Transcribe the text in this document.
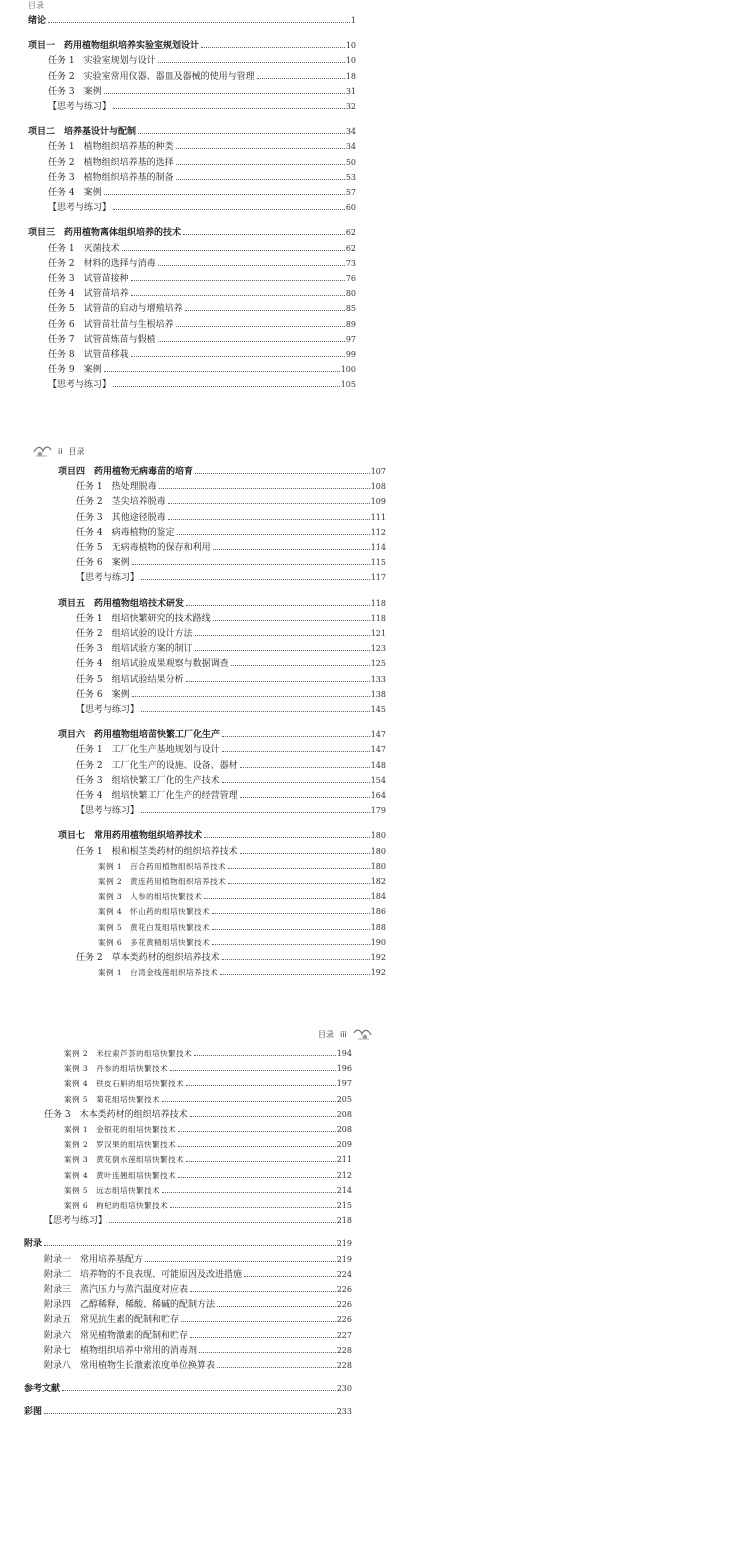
目录
绪论	1
项目一　药用植物组织培养实验室规划设计	10
任务 1　实验室规划与设计	10
任务 2　实验室常用仪器、器皿及器械的使用与管理	18
任务 3　案例	31
【思考与练习】	32
项目二　培养基设计与配制	34
任务 1　植物组织培养基的种类	34
任务 2　植物组织培养基的选择	50
任务 3　植物组织培养基的制备	53
任务 4　案例	57
【思考与练习】	60
项目三　药用植物离体组织培养的技术	62
任务 1　灭菌技术	62
任务 2　材料的选择与消毒	73
任务 3　试管苗接种	76
任务 4　试管苗培养	80
任务 5　试管苗的启动与增殖培养	85
任务 6　试管苗壮苗与生根培养	89
任务 7　试管苗炼苗与假植	97
任务 8　试管苗移栽	99
任务 9　案例	100
【思考与练习】	105
ii 目录
项目四　药用植物无病毒苗的培育	107
任务 1　热处理脱毒	108
任务 2　茎尖培养脱毒	109
任务 3　其他途径脱毒	111
任务 4　病毒植物的鉴定	112
任务 5　无病毒植物的保存和利用	114
任务 6　案例	115
【思考与练习】	117
项目五　药用植物组培技术研发	118
任务 1　组培快繁研究的技术路线	118
任务 2　组培试验的设计方法	121
任务 3　组培试验方案的制订	123
任务 4　组培试验成果观察与数据调查	125
任务 5　组培试验结果分析	133
任务 6　案例	138
【思考与练习】	145
项目六　药用植物组培苗快繁工厂化生产	147
任务 1　工厂化生产基地规划与设计	147
任务 2　工厂化生产的设施、设备、器材	148
任务 3　组培快繁工厂化的生产技术	154
任务 4　组培快繁工厂化生产的经营管理	164
【思考与练习】	179
项目七　常用药用植物组织培养技术	180
任务 1　根和根茎类药材的组织培养技术	180
案例 1　百合药用植物组织培养技术	180
案例 2　黄连药用植物组织培养技术	182
案例 3　人参的组培快繁技术	184
案例 4　怀山药的组培快繁技术	186
案例 5　黄花白芨组培快繁技术	188
案例 6　多花黄精组培快繁技术	190
任务 2　草本类药材的组织培养技术	192
案例 1　台湾金线莲组织培养技术	192
目录 iii
案例 2　米拉索芦荟的组培快繁技术	194
案例 3　丹参的组培快繁技术	196
案例 4　铁皮石斛的组培快繁技术	197
案例 5　菊花组培快繁技术	205
任务 3　木本类药材的组织培养技术	208
案例 1　金银花的组培快繁技术	208
案例 2　罗汉果的组培快繁技术	209
案例 3　黄花倒水莲组培快繁技术	211
案例 4　黄叶连翘组培快繁技术	212
案例 5　远志组培快繁技术	214
案例 6　枸杞的组培快繁技术	215
【思考与练习】	218
附录	219
附录一　常用培养基配方	219
附录二　培养物的不良表现、可能原因及改进措施	224
附录三　蒸汽压力与蒸汽温度对应表	226
附录四　乙醇稀释，稀酸、稀碱的配制方法	226
附录五　常见抗生素的配制和贮存	226
附录六　常见植物激素的配制和贮存	227
附录七　植物组织培养中常用的消毒剂	228
附录八　常用植物生长激素浓度单位换算表	228
参考文献	230
彩图	233
